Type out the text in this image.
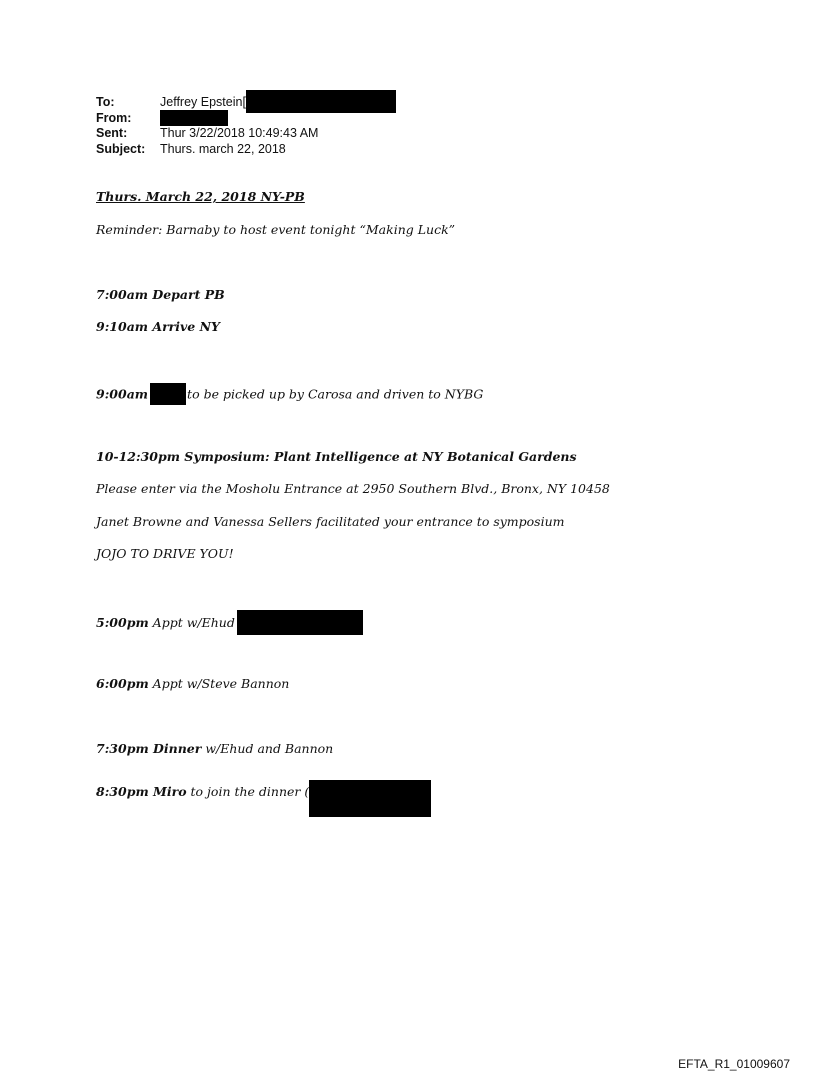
To:	Jeffrey Epstein[
From:
Sent:	Thur 3/22/2018 10:49:43 AM
Subject:	Thurs. march 22, 2018
Thurs. March 22, 2018 NY-PB
Reminder: Barnaby to host event tonight “Making Luck”
7:00am Depart PB
9:10am Arrive NY
9:00am	to be picked up by Carosa and driven to NYBG
10-12:30pm Symposium: Plant Intelligence at NY Botanical Gardens
Please enter via the Mosholu Entrance at 2950 Southern Blvd., Bronx, NY 10458
Janet Browne and Vanessa Sellers facilitated your entrance to symposium
JOJO TO DRIVE YOU!
5:00pm Appt w/Ehud
6:00pm Appt w/Steve Bannon
7:30pm Dinner w/Ehud and Bannon
8:30pm Miro to join the dinner (
EFTA_R1_01009607
